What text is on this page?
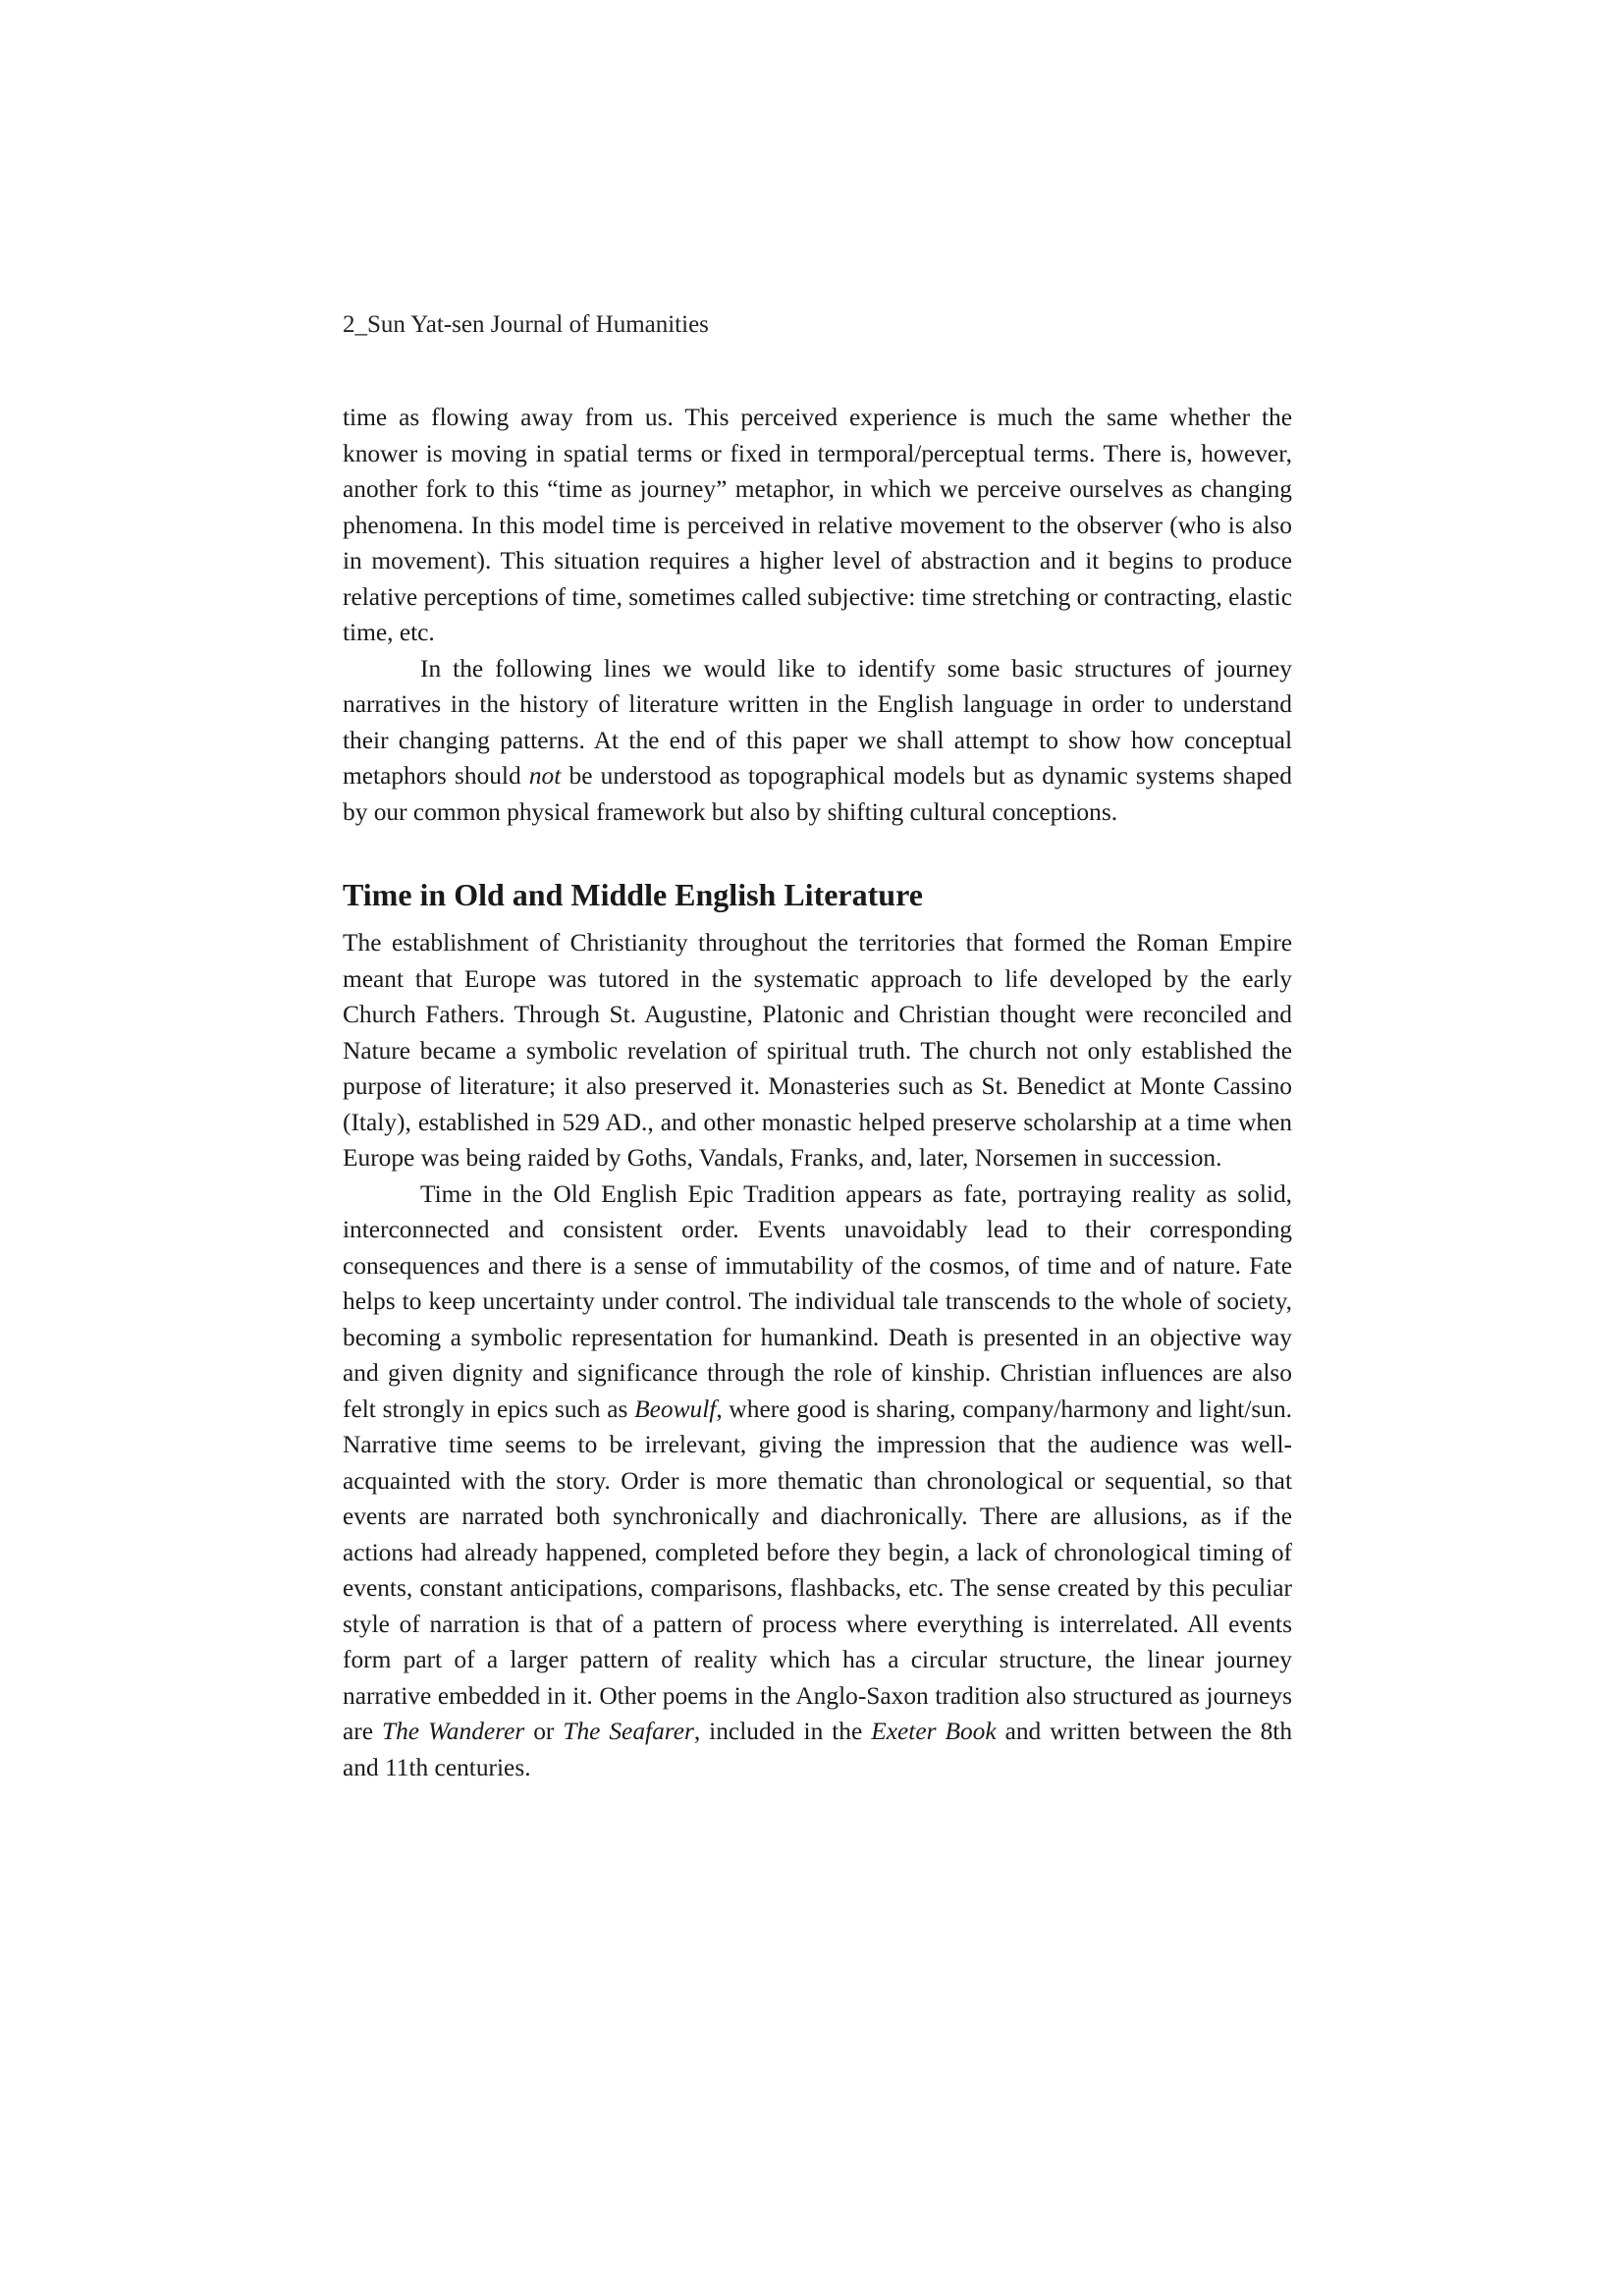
2_Sun Yat-sen Journal of Humanities

time as flowing away from us. This perceived experience is much the same whether the knower is moving in spatial terms or fixed in termporal/perceptual terms. There is, however, another fork to this “time as journey” metaphor, in which we perceive ourselves as changing phenomena. In this model time is perceived in relative movement to the observer (who is also in movement). This situation requires a higher level of abstraction and it begins to produce relative perceptions of time, sometimes called subjective: time stretching or contracting, elastic time, etc.

In the following lines we would like to identify some basic structures of journey narratives in the history of literature written in the English language in order to understand their changing patterns. At the end of this paper we shall attempt to show how conceptual metaphors should not be understood as topographical models but as dynamic systems shaped by our common physical framework but also by shifting cultural conceptions.

Time in Old and Middle English Literature

The establishment of Christianity throughout the territories that formed the Roman Empire meant that Europe was tutored in the systematic approach to life developed by the early Church Fathers. Through St. Augustine, Platonic and Christian thought were reconciled and Nature became a symbolic revelation of spiritual truth. The church not only established the purpose of literature; it also preserved it. Monasteries such as St. Benedict at Monte Cassino (Italy), established in 529 AD., and other monastic helped preserve scholarship at a time when Europe was being raided by Goths, Vandals, Franks, and, later, Norsemen in succession.

Time in the Old English Epic Tradition appears as fate, portraying reality as solid, interconnected and consistent order. Events unavoidably lead to their corresponding consequences and there is a sense of immutability of the cosmos, of time and of nature. Fate helps to keep uncertainty under control. The individual tale transcends to the whole of society, becoming a symbolic representation for humankind. Death is presented in an objective way and given dignity and significance through the role of kinship. Christian influences are also felt strongly in epics such as Beowulf, where good is sharing, company/harmony and light/sun. Narrative time seems to be irrelevant, giving the impression that the audience was well-acquainted with the story. Order is more thematic than chronological or sequential, so that events are narrated both synchronically and diachronically. There are allusions, as if the actions had already happened, completed before they begin, a lack of chronological timing of events, constant anticipations, comparisons, flashbacks, etc. The sense created by this peculiar style of narration is that of a pattern of process where everything is interrelated. All events form part of a larger pattern of reality which has a circular structure, the linear journey narrative embedded in it. Other poems in the Anglo-Saxon tradition also structured as journeys are The Wanderer or The Seafarer, included in the Exeter Book and written between the 8th and 11th centuries.
